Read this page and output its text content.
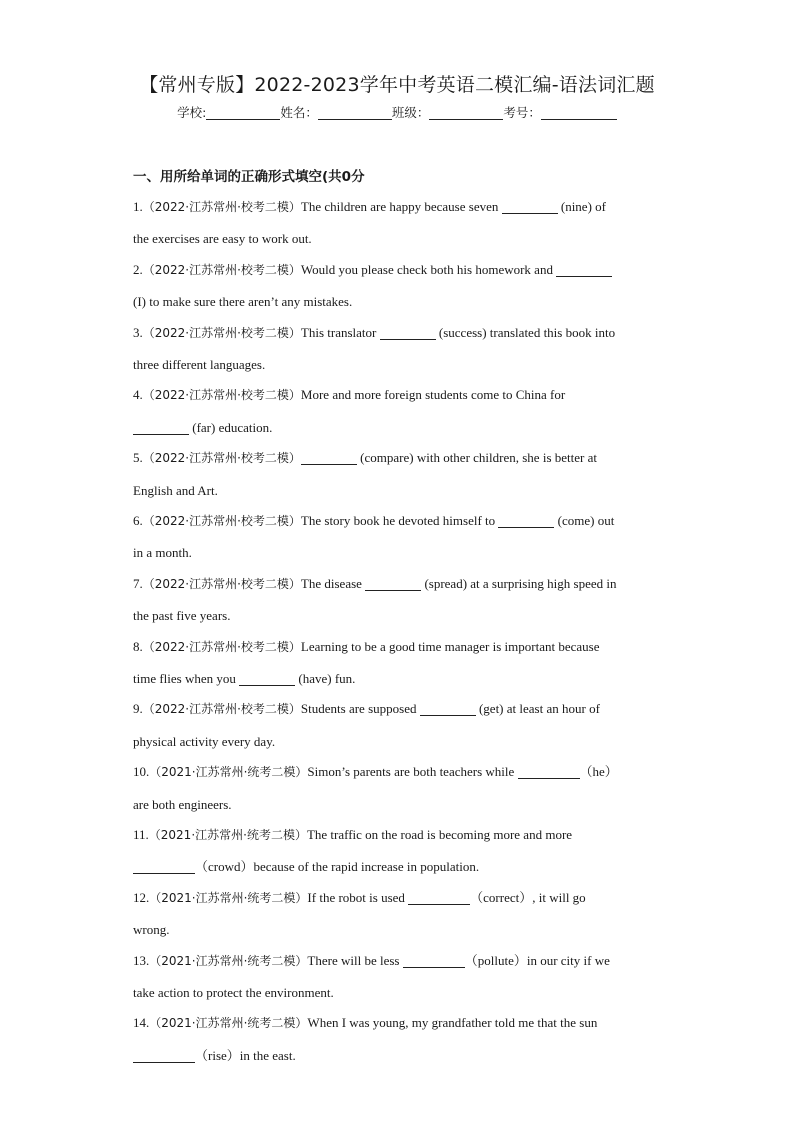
【常州专版】2022-2023学年中考英语二模汇编-语法词汇题
学校:	姓名：	班级：	考号：
一、用所给单词的正确形式填空(共0分
1.（2022·江苏常州·校考二模）The children are happy because seven	(nine) of
the exercises are easy to work out.
2.（2022·江苏常州·校考二模）Would you please check both his homework and
(I) to make sure there aren’t any mistakes.
3.（2022·江苏常州·校考二模）This translator	(success) translated this book into
three different languages.
4.（2022·江苏常州·校考二模）More and more foreign students come to China for
(far) education.
5.（2022·江苏常州·校考二模）	(compare) with other children, she is better at
English and Art.
6.（2022·江苏常州·校考二模）The story book he devoted himself to	(come) out
in a month.
7.（2022·江苏常州·校考二模）The disease	(spread) at a surprising high speed in
the past five years.
8.（2022·江苏常州·校考二模）Learning to be a good time manager is important because
time flies when you	(have) fun.
9.（2022·江苏常州·校考二模）Students are supposed	(get) at least an hour of
physical activity every day.
10.（2021·江苏常州·统考二模）Simon’s parents are both teachers while	（he）
are both engineers.
11.（2021·江苏常州·统考二模）The traffic on the road is becoming more and more
（crowd）because of the rapid increase in population.
12.（2021·江苏常州·统考二模）If the robot is used	（correct）, it will go
wrong.
13.（2021·江苏常州·统考二模）There will be less	（pollute）in our city if we
take action to protect the environment.
14.（2021·江苏常州·统考二模）When I was young, my grandfather told me that the sun
（rise）in the east.
